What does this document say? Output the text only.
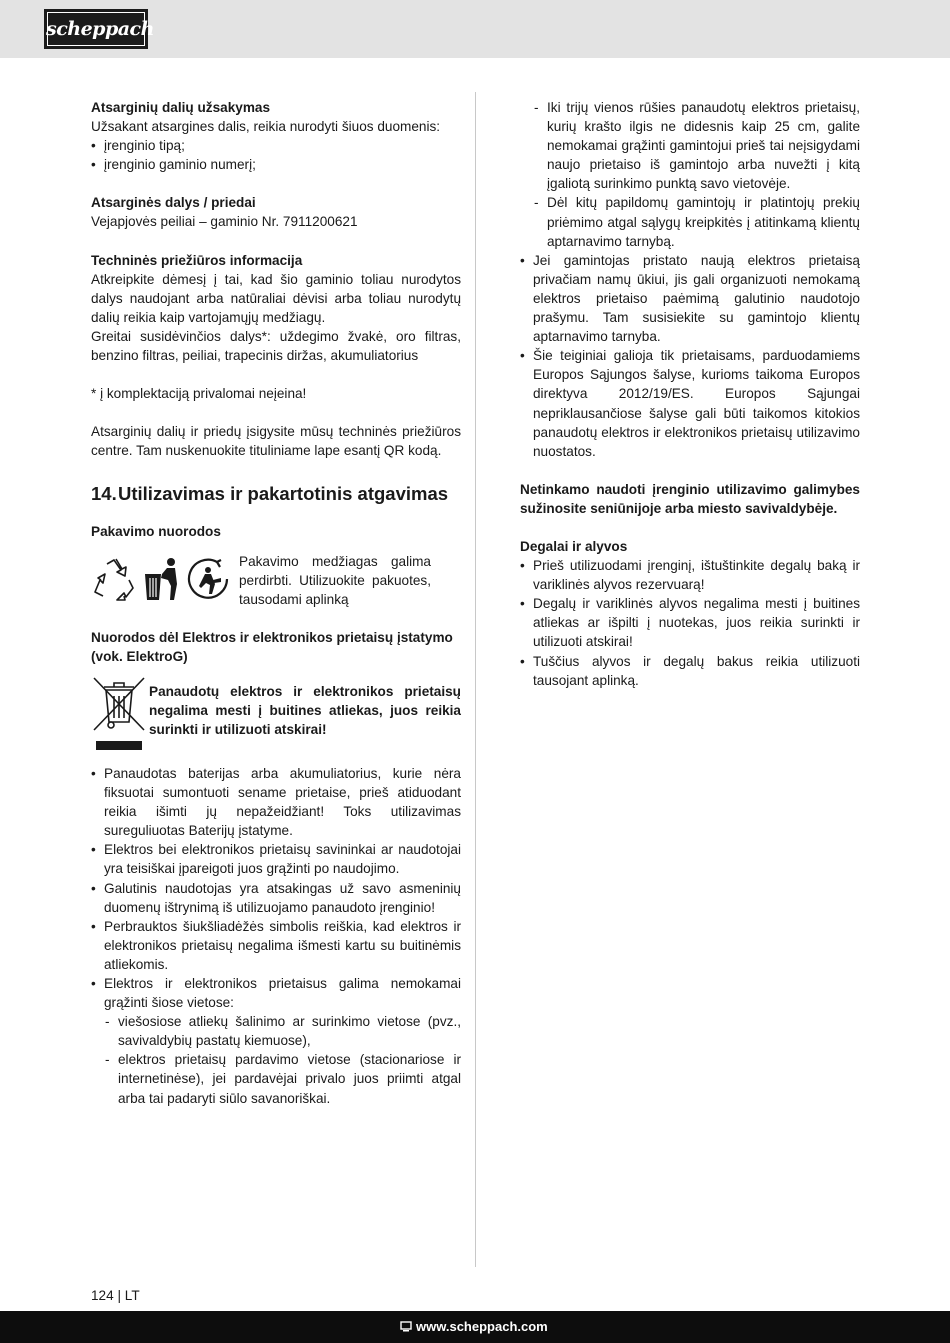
scheppach

Atsarginių dalių užsakymas

Užsakant atsargines dalis, reikia nurodyti šiuos duomenis:

• įrenginio tipą;
• įrenginio gaminio numerį;

Atsarginės dalys / priedai

Vejapjovės peiliai – gaminio Nr. 7911200621

Techninės priežiūros informacija

Atkreipkite dėmesį į tai, kad šio gaminio toliau nurodytos dalys naudojant arba natūraliai dėvisi arba toliau nurodytų dalių reikia kaip vartojamųjų medžiagų.

Greitai susidėvinčios dalys*: uždegimo žvakė, oro filtras, benzino filtras, peiliai, trapecinis diržas, akumuliatorius

* į komplektaciją privalomai neįeina!

Atsarginių dalių ir priedų įsigysite mūsų techninės priežiūros centre. Tam nuskenuokite tituliniame lape esantį QR kodą.

14. Utilizavimas ir pakartotinis atgavimas

Pakavimo nuorodos

Pakavimo medžiagas galima perdirbti. Utilizuokite pakuotes, tausodami aplinką

Nuorodos dėl Elektros ir elektronikos prietaisų įstatymo (vok. ElektroG)

Panaudotų elektros ir elektronikos prietaisų negalima mesti į buitines atliekas, juos reikia surinkti ir utilizuoti atskirai!

• Panaudotas baterijas arba akumuliatorius, kurie nėra fiksuotai sumontuoti sename prietaise, prieš atiduodant reikia išimti jų nepažeidžiant! Toks utilizavimas sureguliuotas Baterijų įstatyme.
• Elektros bei elektronikos prietaisų savininkai ar naudotojai yra teisiškai įpareigoti juos grąžinti po naudojimo.
• Galutinis naudotojas yra atsakingas už savo asmeninių duomenų ištrynimą iš utilizuojamo panaudoto įrenginio!
• Perbrauktos šiukšliadėžės simbolis reiškia, kad elektros ir elektronikos prietaisų negalima išmesti kartu su buitinėmis atliekomis.
• Elektros ir elektronikos prietaisus galima nemokamai grąžinti šiose vietose:
- viešosiose atliekų šalinimo ar surinkimo vietose (pvz., savivaldybių pastatų kiemuose),
- elektros prietaisų pardavimo vietose (stacionariose ir internetinėse), jei pardavėjai privalo juos priimti atgal arba tai padaryti siūlo savanoriškai.
- Iki trijų vienos rūšies panaudotų elektros prietaisų, kurių krašto ilgis ne didesnis kaip 25 cm, galite nemokamai grąžinti gamintojui prieš tai neįsigydami naujo prietaiso iš gamintojo arba nuvežti į kitą įgaliotą surinkimo punktą savo vietovėje.
- Dėl kitų papildomų gamintojų ir platintojų prekių priėmimo atgal sąlygų kreipkitės į atitinkamą klientų aptarnavimo tarnybą.
• Jei gamintojas pristato naują elektros prietaisą privačiam namų ūkiui, jis gali organizuoti nemokamą elektros prietaiso paėmimą galutinio naudotojo prašymu. Tam susisiekite su gamintojo klientų aptarnavimo tarnyba.
• Šie teiginiai galioja tik prietaisams, parduodamiems Europos Sąjungos šalyse, kurioms taikoma Europos direktyva 2012/19/ES. Europos Sąjungai nepriklausančiose šalyse gali būti taikomos kitokios panaudotų elektros ir elektronikos prietaisų utilizavimo nuostatos.

Netinkamo naudoti įrenginio utilizavimo galimybes sužinosite seniūnijoje arba miesto savivaldybėje.

Degalai ir alyvos

• Prieš utilizuodami įrenginį, ištuštinkite degalų baką ir variklinės alyvos rezervuarą!
• Degalų ir variklinės alyvos negalima mesti į buitines atliekas ar išpilti į nuotekas, juos reikia surinkti ir utilizuoti atskirai!
• Tuščius alyvos ir degalų bakus reikia utilizuoti tausojant aplinką.
124 | LT
www.scheppach.com
